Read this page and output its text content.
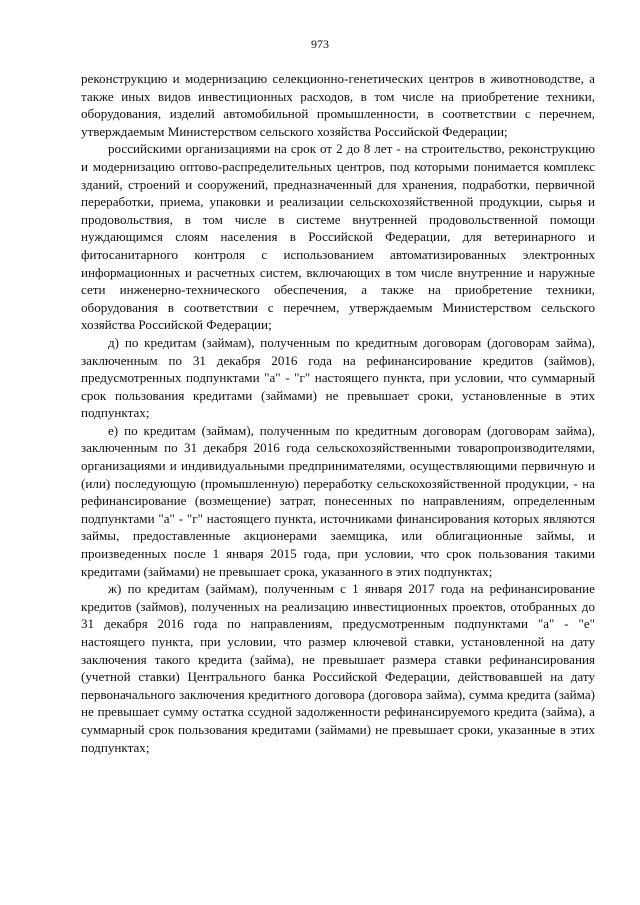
973

реконструкцию и модернизацию селекционно-генетических центров в животноводстве, а также иных видов инвестиционных расходов, в том числе на приобретение техники, оборудования, изделий автомобильной промышленности, в соответствии с перечнем, утверждаемым Министерством сельского хозяйства Российской Федерации;

российскими организациями на срок от 2 до 8 лет - на строительство, реконструкцию и модернизацию оптово-распределительных центров, под которыми понимается комплекс зданий, строений и сооружений, предназначенный для хранения, подработки, первичной переработки, приема, упаковки и реализации сельскохозяйственной продукции, сырья и продовольствия, в том числе в системе внутренней продовольственной помощи нуждающимся слоям населения в Российской Федерации, для ветеринарного и фитосанитарного контроля с использованием автоматизированных электронных информационных и расчетных систем, включающих в том числе внутренние и наружные сети инженерно-технического обеспечения, а также на приобретение техники, оборудования в соответствии с перечнем, утверждаемым Министерством сельского хозяйства Российской Федерации;

д) по кредитам (займам), полученным по кредитным договорам (договорам займа), заключенным по 31 декабря 2016 года на рефинансирование кредитов (займов), предусмотренных подпунктами "а" - "г" настоящего пункта, при условии, что суммарный срок пользования кредитами (займами) не превышает сроки, установленные в этих подпунктах;

е) по кредитам (займам), полученным по кредитным договорам (договорам займа), заключенным по 31 декабря 2016 года сельскохозяйственными товаропроизводителями, организациями и индивидуальными предпринимателями, осуществляющими первичную и (или) последующую (промышленную) переработку сельскохозяйственной продукции, - на рефинансирование (возмещение) затрат, понесенных по направлениям, определенным подпунктами "а" - "г" настоящего пункта, источниками финансирования которых являются займы, предоставленные акционерами заемщика, или облигационные займы, и произведенных после 1 января 2015 года, при условии, что срок пользования такими кредитами (займами) не превышает срока, указанного в этих подпунктах;

ж) по кредитам (займам), полученным с 1 января 2017 года на рефинансирование кредитов (займов), полученных на реализацию инвестиционных проектов, отобранных до 31 декабря 2016 года по направлениям, предусмотренным подпунктами "а" - "е" настоящего пункта, при условии, что размер ключевой ставки, установленной на дату заключения такого кредита (займа), не превышает размера ставки рефинансирования (учетной ставки) Центрального банка Российской Федерации, действовавшей на дату первоначального заключения кредитного договора (договора займа), сумма кредита (займа) не превышает сумму остатка ссудной задолженности рефинансируемого кредита (займа), а суммарный срок пользования кредитами (займами) не превышает сроки, указанные в этих подпунктах;
